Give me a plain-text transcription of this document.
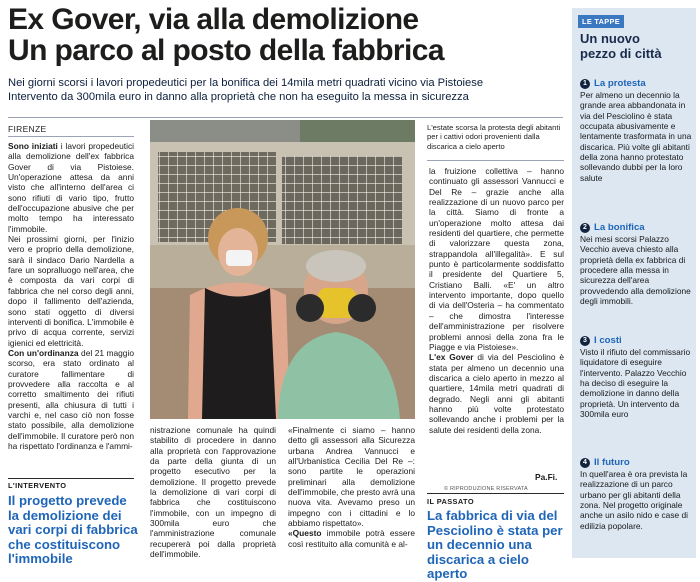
Ex Gover, via alla demolizione
Un parco al posto della fabbrica
Nei giorni scorsi i lavori propedeutici per la bonifica dei 14mila metri quadrati vicino via Pistoiese
Intervento da 300mila euro in danno alla proprietà che non ha eseguito la messa in sicurezza
FIRENZE

Sono iniziati i lavori propedeutici alla demolizione dell'ex fabbrica Gover di via Pistoiese. Un'operazione attesa da anni visto che all'interno dell'area ci sono rifiuti di vario tipo, frutto dell'occupazione abusive che per molto tempo ha interessato l'immobile.

Nei prossimi giorni, per l'inizio vero e proprio della demolizione, sarà il sindaco Dario Nardella a fare un sopralluogo nell'area, che è composta da vari corpi di fabbrica che nel corso degli anni, dopo il fallimento dell'azienda, sono stati oggetto di diversi interventi di bonifica. L'immobile è privo di acqua corrente, servizi igienici ed elettricità.

Con un'ordinanza del 21 maggio scorso, era stato ordinato al curatore fallimentare di provvedere alla raccolta e al corretto smaltimento dei rifiuti presenti, alla chiusura di tutti i varchi e, nel caso ciò non fosse stato possibile, alla demolizione dell'immobile. Il curatore però non ha rispettato l'ordinanza e l'ammi-

L'estate scorsa la protesta degli abitanti per i cattivi odori provenienti dalla discarica a cielo aperto

nistrazione comunale ha quindi stabilito di procedere in danno alla proprietà con l'approvazione da parte della giunta di un progetto esecutivo per la demolizione. Il progetto prevede la demolizione di vari corpi di fabbrica che costituiscono l'immobile, con un impegno di 300mila euro che l'amministrazione comunale recupererà poi dalla proprietà dell'immobile.

«Finalmente ci siamo – hanno detto gli assessori alla Sicurezza urbana Andrea Vannucci e all'Urbanistica Cecilia Del Re –: sono partite le operazioni preliminari alla demolizione dell'immobile, che presto avrà una nuova vita. Avevamo preso un impegno con i cittadini e lo abbiamo rispettato».

«Questo immobile potrà essere così restituito alla comunità e al-

la fruizione collettiva – hanno continuato gli assessori Vannucci e Del Re – grazie anche alla realizzazione di un nuovo parco per la città. Siamo di fronte a un'operazione molto attesa dai residenti del quartiere, che permette di valorizzare questa zona, strappandola all'illegalità». E sul punto è particolarmente soddisfatto il presidente del Quartiere 5, Cristiano Balli. «E' un altro intervento importante, dopo quello di via dell'Osteria – ha commentato – che dimostra l'interesse dell'amministrazione per risolvere problemi annosi della zona fra le Piagge e via Pistoiese».

L'ex Gover di via del Pesciolino è stata per almeno un decennio una discarica a cielo aperto in mezzo al quartiere, 14mila metri quadrati di degrado. Negli anni gli abitanti hanno più volte protestato sollevando anche i problemi per la salute dei residenti della zona.

Pa.Fi.
© RIPRODUZIONE RISERVATA
L'INTERVENTO
Il progetto prevede la demolizione dei vari corpi di fabbrica che costituiscono l'immobile
IL PASSATO
La fabbrica di via del Pesciolino è stata per un decennio una discarica a cielo aperto
LE TAPPE
Un nuovo
pezzo di città
1 La protesta
Per almeno un decennio la grande area abbandonata in via del Pesciolino è stata occupata abusivamente e lentamente trasformata in una discarica. Più volte gli abitanti della zona hanno protestato sollevando dubbi per la loro salute
2 La bonifica
Nei mesi scorsi Palazzo Vecchio aveva chiesto alla proprietà della ex fabbrica di procedere alla messa in sicurezza dell'area provvedendo alla demolizione degli immobili.
3 I costi
Visto il rifiuto del commissario liquidatore di eseguire l'intervento. Palazzo Vecchio ha deciso di eseguire la demolizione in danno della proprietà. Un intervento da 300mila euro
4 Il futuro
In quell'area è ora prevista la realizzazione di un parco urbano per gli abitanti della zona. Nel progetto originale anche un asilo nido e case di edilizia popolare.
